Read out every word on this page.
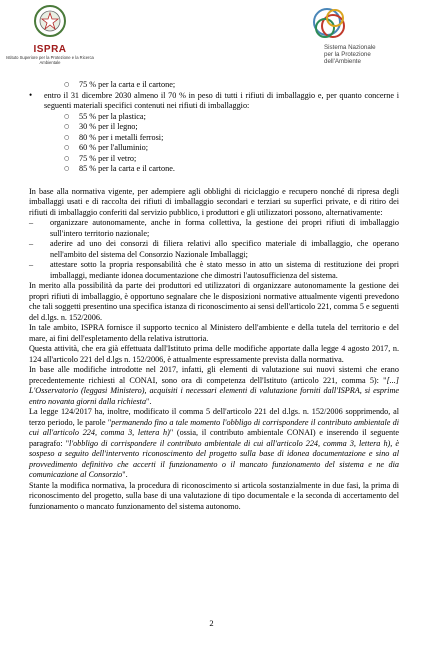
ISPRA
Istituto Superiore per la Protezione e la Ricerca Ambientale
Sistema Nazionale
per la Protezione
dell'Ambiente
○ 75 % per la carta e il cartone;
• entro il 31 dicembre 2030 almeno il 70 % in peso di tutti i rifiuti di imballaggio e, per quanto concerne i seguenti materiali specifici contenuti nei rifiuti di imballaggio:
○ 55 % per la plastica;
○ 30 % per il legno;
○ 80 % per i metalli ferrosi;
○ 60 % per l'alluminio;
○ 75 % per il vetro;
○ 85 % per la carta e il cartone.

In base alla normativa vigente, per adempiere agli obblighi di riciclaggio e recupero nonché di ripresa degli imballaggi usati e di raccolta dei rifiuti di imballaggio secondari e terziari su superfici private, e di ritiro dei rifiuti di imballaggio conferiti dal servizio pubblico, i produttori e gli utilizzatori possono, alternativamente:

– organizzare autonomamente, anche in forma collettiva, la gestione dei propri rifiuti di imballaggio sull'intero territorio nazionale;
– aderire ad uno dei consorzi di filiera relativi allo specifico materiale di imballaggio, che operano nell'ambito del sistema del Consorzio Nazionale Imballaggi;
– attestare sotto la propria responsabilità che è stato messo in atto un sistema di restituzione dei propri imballaggi, mediante idonea documentazione che dimostri l'autosufficienza del sistema.

In merito alla possibilità da parte dei produttori ed utilizzatori di organizzare autonomamente la gestione dei propri rifiuti di imballaggio, è opportuno segnalare che le disposizioni normative attualmente vigenti prevedono che tali soggetti presentino una specifica istanza di riconoscimento ai sensi dell'articolo 221, comma 5 e seguenti del d.lgs. n. 152/2006.

In tale ambito, ISPRA fornisce il supporto tecnico al Ministero dell'ambiente e della tutela del territorio e del mare, ai fini dell'espletamento della relativa istruttoria.

Questa attività, che era già effettuata dall'Istituto prima delle modifiche apportate dalla legge 4 agosto 2017, n. 124 all'articolo 221 del d.lgs n. 152/2006, è attualmente espressamente prevista dalla normativa.

In base alle modifiche introdotte nel 2017, infatti, gli elementi di valutazione sui nuovi sistemi che erano precedentemente richiesti al CONAI, sono ora di competenza dell'Istituto (articolo 221, comma 5): "[...] L'Osservatorio (leggasi Ministero), acquisiti i necessari elementi di valutazione forniti dall'ISPRA, si esprime entro novanta giorni dalla richiesta".

La legge 124/2017 ha, inoltre, modificato il comma 5 dell'articolo 221 del d.lgs. n. 152/2006 sopprimendo, al terzo periodo, le parole "permanendo fino a tale momento l'obbligo di corrispondere il contributo ambientale di cui all'articolo 224, comma 3, lettera h)" (ossia, il contributo ambientale CONAI) e inserendo il seguente paragrafo: "l'obbligo di corrispondere il contributo ambientale di cui all'articolo 224, comma 3, lettera h), è sospeso a seguito dell'intervento riconoscimento del progetto sulla base di idonea documentazione e sino al provvedimento definitivo che accerti il funzionamento o il mancato funzionamento del sistema e ne dia comunicazione al Consorzio".

Stante la modifica normativa, la procedura di riconoscimento si articola sostanzialmente in due fasi, la prima di riconoscimento del progetto, sulla base di una valutazione di tipo documentale e la seconda di accertamento del funzionamento o mancato funzionamento del sistema autonomo.

2
